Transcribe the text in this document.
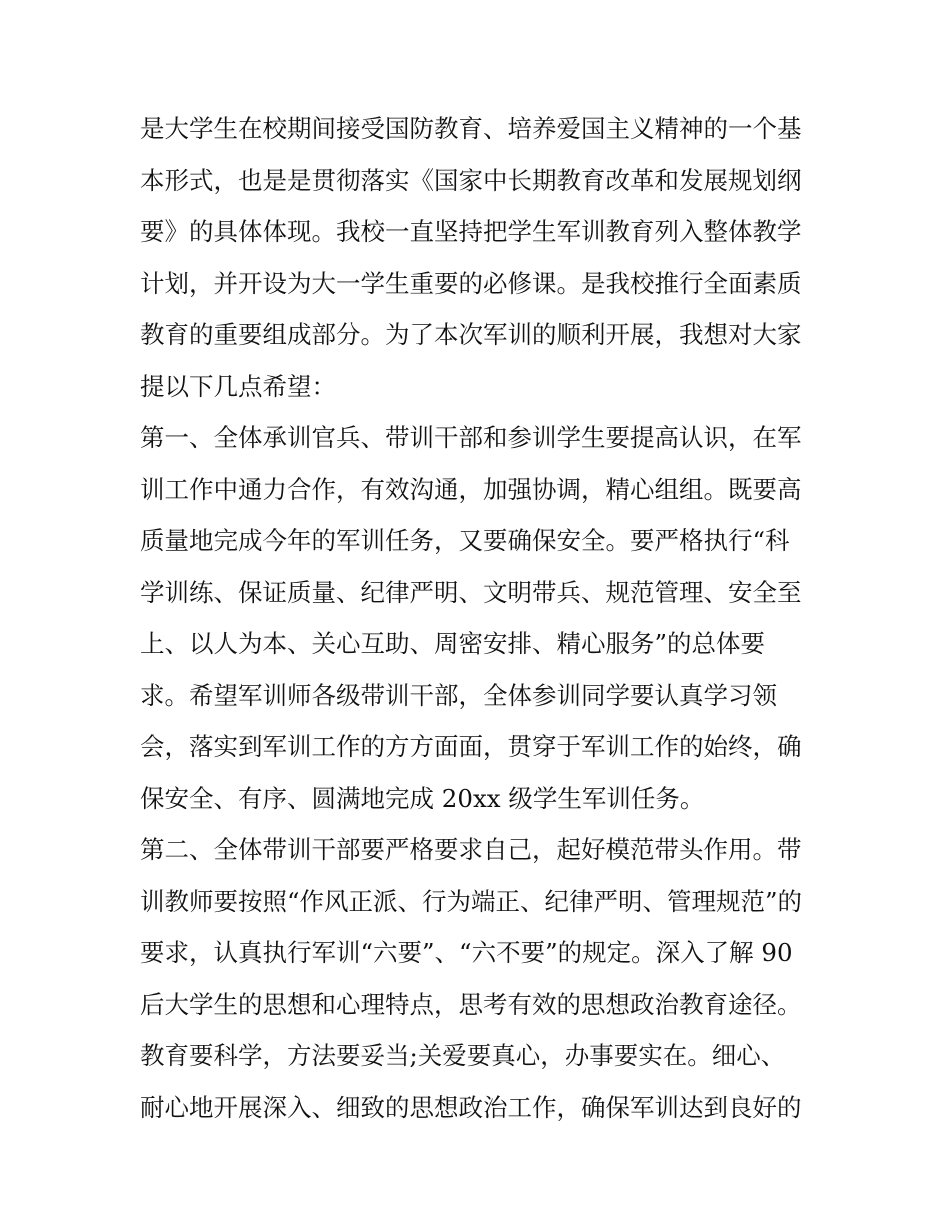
是大学生在校期间接受国防教育、培养爱国主义精神的一个基
本形式，也是是贯彻落实《国家中长期教育改革和发展规划纲
要》的具体体现。我校一直坚持把学生军训教育列入整体教学
计划，并开设为大一学生重要的必修课。是我校推行全面素质
教育的重要组成部分。为了本次军训的顺利开展，我想对大家
提以下几点希望：
第一、全体承训官兵、带训干部和参训学生要提高认识，在军
训工作中通力合作，有效沟通，加强协调，精心组组。既要高
质量地完成今年的军训任务，又要确保安全。要严格执行“科
学训练、保证质量、纪律严明、文明带兵、规范管理、安全至
上、以人为本、关心互助、周密安排、精心服务”的总体要
求。希望军训师各级带训干部，全体参训同学要认真学习领
会，落实到军训工作的方方面面，贯穿于军训工作的始终，确
保安全、有序、圆满地完成 20xx 级学生军训任务。
第二、全体带训干部要严格要求自己，起好模范带头作用。带
训教师要按照“作风正派、行为端正、纪律严明、管理规范”的
要求，认真执行军训“六要”、“六不要”的规定。深入了解 90
后大学生的思想和心理特点，思考有效的思想政治教育途径。
教育要科学，方法要妥当;关爱要真心，办事要实在。细心、
耐心地开展深入、细致的思想政治工作，确保军训达到良好的
